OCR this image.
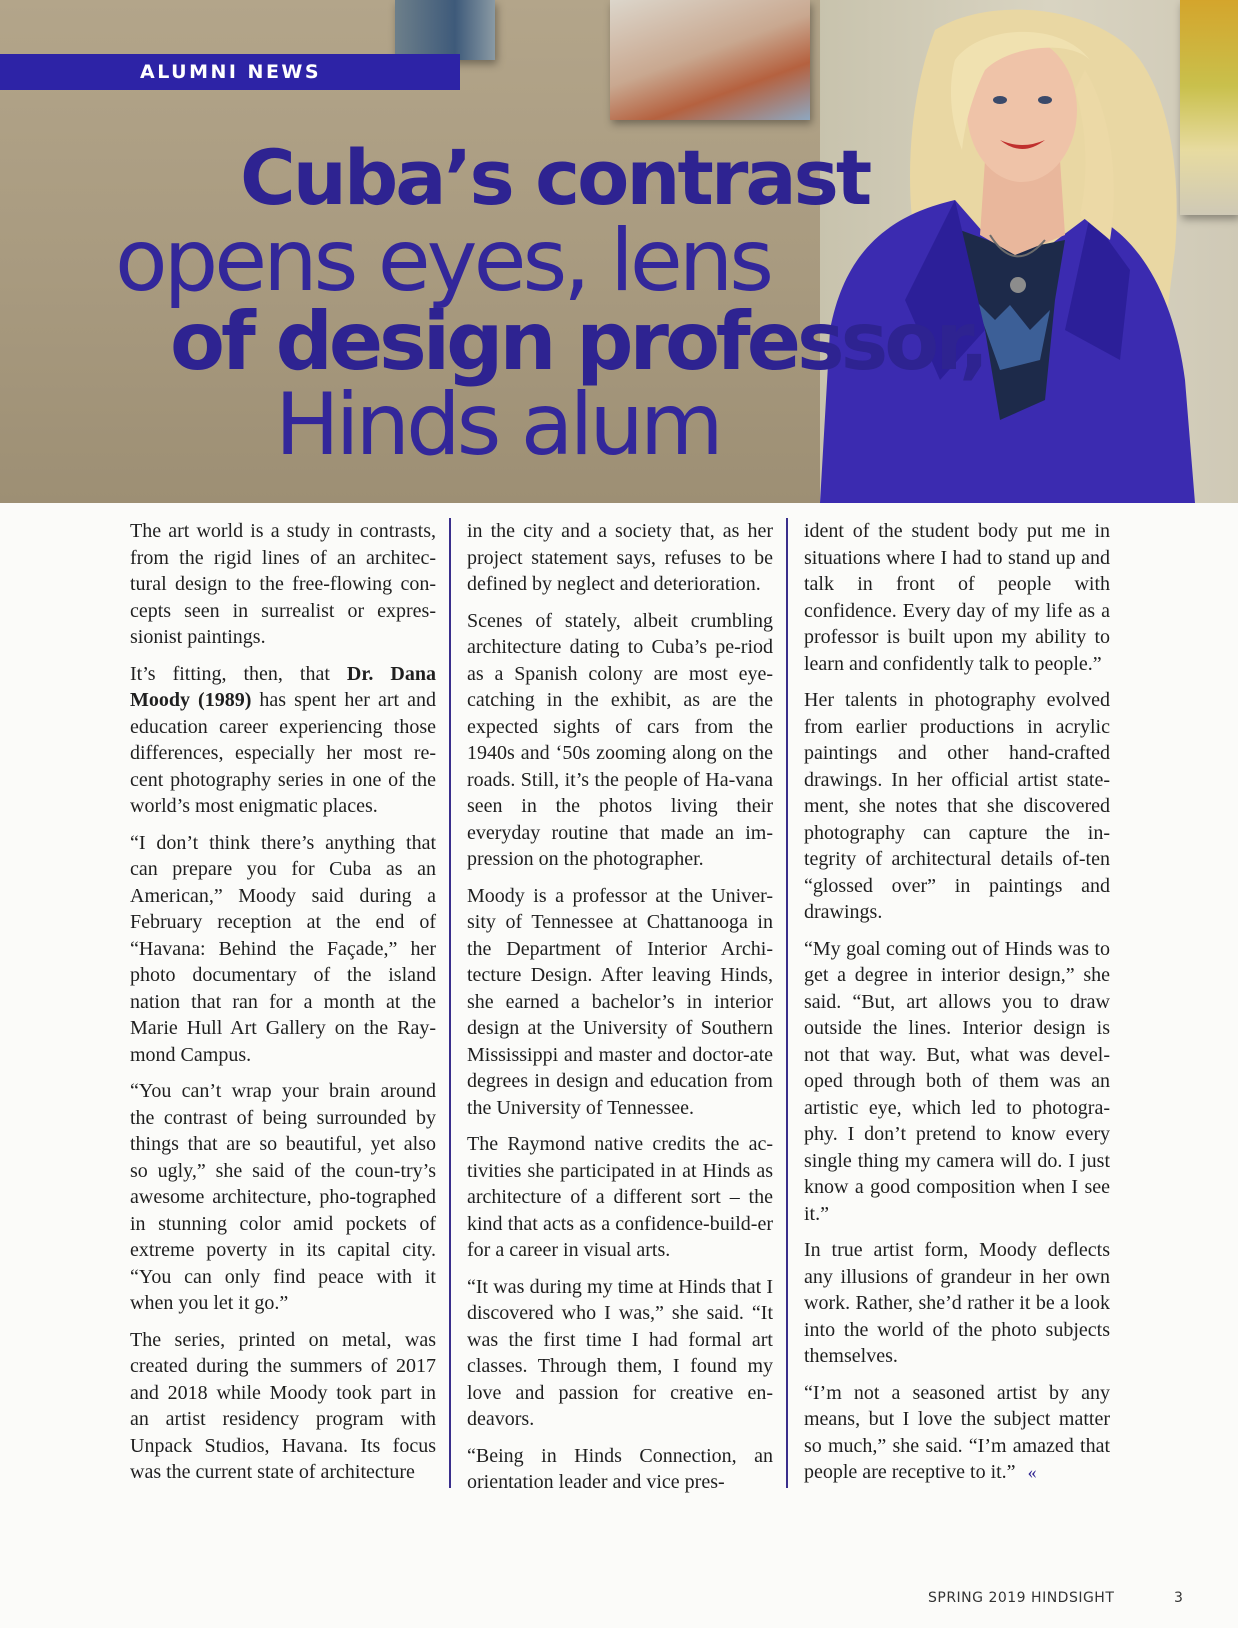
ALUMNI NEWS
Cuba’s contrast
opens eyes, lens
of design professor,
Hinds alum

The art world is a study in contrasts, from the rigid lines of an architec-tural design to the free-flowing con-cepts seen in surrealist or expres-sionist paintings.

It’s fitting, then, that Dr. Dana Moody (1989) has spent her art and education career experiencing those differences, especially her most re-cent photography series in one of the world’s most enigmatic places.

“I don’t think there’s anything that can prepare you for Cuba as an American,” Moody said during a February reception at the end of “Havana: Behind the Façade,” her photo documentary of the island nation that ran for a month at the Marie Hull Art Gallery on the Ray-mond Campus.

“You can’t wrap your brain around the contrast of being surrounded by things that are so beautiful, yet also so ugly,” she said of the coun-try’s awesome architecture, pho-tographed in stunning color amid pockets of extreme poverty in its capital city. “You can only find peace with it when you let it go.”

The series, printed on metal, was created during the summers of 2017 and 2018 while Moody took part in an artist residency program with Unpack Studios, Havana. Its focus was the current state of architecture

in the city and a society that, as her project statement says, refuses to be defined by neglect and deterioration.

Scenes of stately, albeit crumbling architecture dating to Cuba’s pe-riod as a Spanish colony are most eye-catching in the exhibit, as are the expected sights of cars from the 1940s and ‘50s zooming along on the roads. Still, it’s the people of Ha-vana seen in the photos living their everyday routine that made an im-pression on the photographer.

Moody is a professor at the Univer-sity of Tennessee at Chattanooga in the Department of Interior Archi-tecture Design. After leaving Hinds, she earned a bachelor’s in interior design at the University of Southern Mississippi and master and doctor-ate degrees in design and education from the University of Tennessee.

The Raymond native credits the ac-tivities she participated in at Hinds as architecture of a different sort – the kind that acts as a confidence-build-er for a career in visual arts.

“It was during my time at Hinds that I discovered who I was,” she said. “It was the first time I had formal art classes. Through them, I found my love and passion for creative en-deavors.

“Being in Hinds Connection, an orientation leader and vice pres-

ident of the student body put me in situations where I had to stand up and talk in front of people with confidence. Every day of my life as a professor is built upon my ability to learn and confidently talk to people.”

Her talents in photography evolved from earlier productions in acrylic paintings and other hand-crafted drawings. In her official artist state-ment, she notes that she discovered photography can capture the in-tegrity of architectural details of-ten “glossed over” in paintings and drawings.

“My goal coming out of Hinds was to get a degree in interior design,” she said. “But, art allows you to draw outside the lines. Interior design is not that way. But, what was devel-oped through both of them was an artistic eye, which led to photogra-phy. I don’t pretend to know every single thing my camera will do. I just know a good composition when I see it.”

In true artist form, Moody deflects any illusions of grandeur in her own work. Rather, she’d rather it be a look into the world of the photo subjects themselves.

“I’m not a seasoned artist by any means, but I love the subject matter so much,” she said. “I’m amazed that people are receptive to it.” «

SPRING 2019 HINDSIGHT	3
